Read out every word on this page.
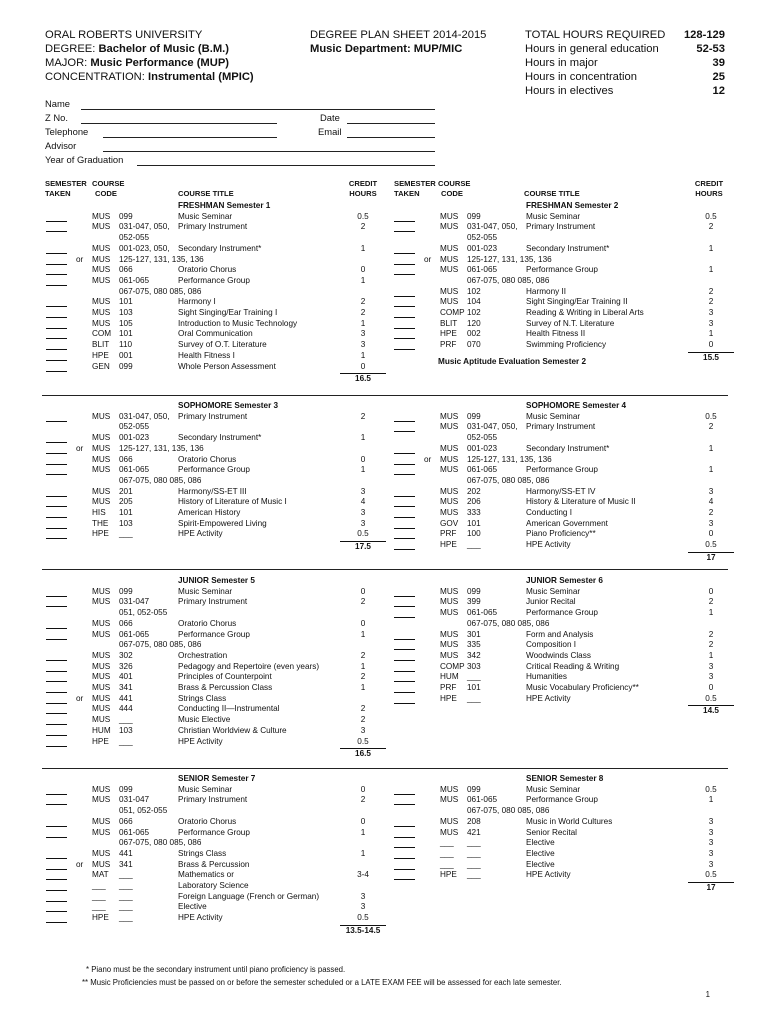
ORAL ROBERTS UNIVERSITY
DEGREE: Bachelor of Music (B.M.)
MAJOR: Music Performance (MUP)
CONCENTRATION: Instrumental (MPIC)
DEGREE PLAN SHEET 2014-2015
Music Department: MUP/MIC
TOTAL HOURS REQUIRED 128-129
Hours in general education	52-53
Hours in major	39
Hours in concentration	25
Hours in electives	12
Name
Z No.	Date
Telephone	Email
Advisor
Year of Graduation
SEMESTER
TAKEN
COURSE
CODE	COURSE TITLE
CREDIT
HOURS
SEMESTER
TAKEN
COURSE
CODE	COURSE TITLE
CREDIT
HOURS
FRESHMAN Semester 1
MUS 099	Music Seminar	0.5
MUS 031-047, 050, Primary Instrument	2
052-055
MUS 001-023, 050, Secondary Instrument*	1
or MUS 125-127, 131, 135, 136
MUS 066	Oratorio Chorus	0
MUS 061-065	Performance Group	1
067-075, 080 085, 086
MUS 101	Harmony I	2
MUS 103	Sight Singing/Ear Training I	2
MUS 105	Introduction to Music Technology	1
COM 101	Oral Communication	3
BLIT 110	Survey of O.T. Literature	3
HPE 001	Health Fitness I	1
GEN 099	Whole Person Assessment	0
16.5
FRESHMAN Semester 2
MUS 099	Music Seminar	0.5
MUS 031-047, 050, Primary Instrument	2
052-055
MUS 001-023	Secondary Instrument*	1
or MUS 125-127, 131, 135, 136
MUS 061-065	Performance Group	1
067-075, 080 085, 086
MUS 102	Harmony II	2
MUS 104	Sight Singing/Ear Training II	2
COMP 102	Reading & Writing in Liberal Arts	3
BLIT 120	Survey of N.T. Literature	3
HPE 002	Health Fitness II	1
PRF 070	Swimming Proficiency	0
15.5
Music Aptitude Evaluation Semester 2
SOPHOMORE Semester 3
MUS 031-047, 050, Primary Instrument	2
052-055
MUS 001-023	Secondary Instrument*	1
or MUS 125-127, 131, 135, 136
MUS 066	Oratorio Chorus	0
MUS 061-065	Performance Group	1
067-075, 080 085, 086
MUS 201	Harmony/SS-ET III	3
MUS 205	History of Literature of Music I	4
HIS 101	American History	3
THE 103	Spirit-Empowered Living	3
HPE ___	HPE Activity	0.5
17.5
SOPHOMORE Semester 4
MUS 099	Music Seminar	0.5
MUS 031-047, 050, Primary Instrument	2
052-055
MUS 001-023	Secondary Instrument*	1
or MUS 125-127, 131, 135, 136
MUS 061-065	Performance Group	1
067-075, 080 085, 086
MUS 202	Harmony/SS-ET IV	3
MUS 206	History & Literature of Music II	4
MUS 333	Conducting I	2
GOV 101	American Government	3
PRF 100	Piano Proficiency**	0
HPE ___	HPE Activity	0.5
17
JUNIOR Semester 5
MUS 099	Music Seminar	0
MUS 031-047	Primary Instrument	2
051, 052-055
MUS 066	Oratorio Chorus	0
MUS 061-065	Performance Group	1
067-075, 080 085, 086
MUS 302	Orchestration	2
MUS 326	Pedagogy and Repertoire (even years)	1
MUS 401	Principles of Counterpoint	2
MUS 341	Brass & Percussion Class	1
or MUS 441	Strings Class
MUS 444	Conducting II—Instrumental	2
MUS ___	Music Elective	2
HUM 103	Christian Worldview & Culture	3
HPE ___	HPE Activity	0.5
16.5
JUNIOR Semester 6
MUS 099	Music Seminar	0
MUS 399	Junior Recital	2
MUS 061-065	Performance Group	1
067-075, 080 085, 086
MUS 301	Form and Analysis	2
MUS 335	Composition I	2
MUS 342	Woodwinds Class	1
COMP 303	Critical Reading & Writing	3
HUM ___	Humanities	3
PRF 101	Music Vocabulary Proficiency**	0
HPE ___	HPE Activity	0.5
14.5
SENIOR Semester 7
MUS 099	Music Seminar	0
MUS 031-047	Primary Instrument	2
051, 052-055
MUS 066	Oratorio Chorus	0
MUS 061-065	Performance Group	1
067-075, 080 085, 086
MUS 441	Strings Class	1
or MUS 341	Brass & Percussion
MAT ___	Mathematics or	3-4
___ ___	Laboratory Science
___ ___	Foreign Language (French or German)	3
___ ___	Elective	3
HPE ___	HPE Activity	0.5
13.5-14.5
SENIOR Semester 8
MUS 099	Music Seminar	0.5
MUS 061-065	Performance Group	1
067-075, 080 085, 086
MUS 208	Music in World Cultures	3
MUS 421	Senior Recital	3
___ ___	Elective	3
___ ___	Elective	3
___ ___	Elective	3
HPE ___	HPE Activity	0.5
17
* Piano must be the secondary instrument until piano proficiency is passed.
** Music Proficiencies must be passed on or before the semester scheduled or a LATE EXAM FEE will be assessed for each late semester.
1
